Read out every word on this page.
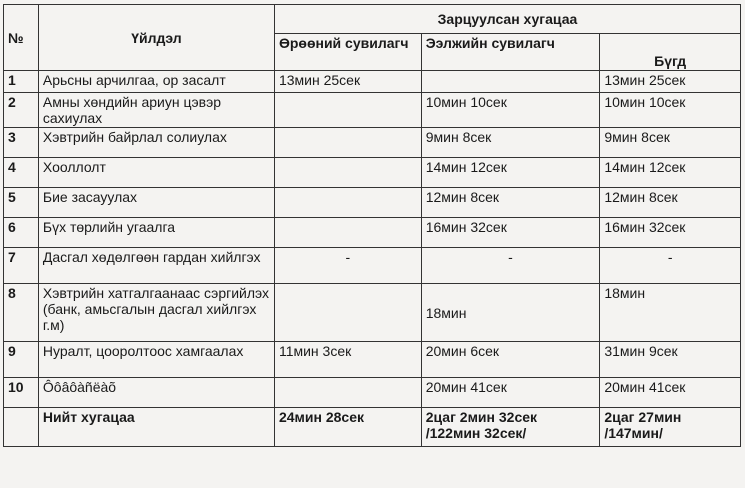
№	Үйлдэл	Зарцуулсан хугацаа		
		Өрөөний сувилагч	Ээлжийн сувилагч	Бүгд
1	Арьсны арчилгаа, ор засалт	13мин 25сек		13мин 25сек
2	Амны хөндийн ариун цэвэр сахиулах		10мин 10сек	10мин 10сек
3	Хэвтрийн байрлал солиулах		9мин 8сек	9мин 8сек
4	Хооллолт		14мин 12сек	14мин 12сек
5	Бие засауулах		12мин 8сек	12мин 8сек
6	Бүх төрлийн угаалга		16мин 32сек	16мин 32сек
7	Дасгал хөдөлгөөн гардан хийлгэх	-	-	-
8	Хэвтрийн хатгалгаанаас сэргийлэх (банк, амьсгалын дасгал хийлгэх г.м)		18мин	18мин
9	Нуралт, цооролтоос хамгаалах	11мин 3сек	20мин 6сек	31мин 9сек
10	Ôôâôàñëàõ		20мин 41сек	20мин 41сек
	Нийт хугацаа	24мин 28сек	2цаг 2мин 32сек /122мин 32сек/	2цаг 27мин /147мин/
